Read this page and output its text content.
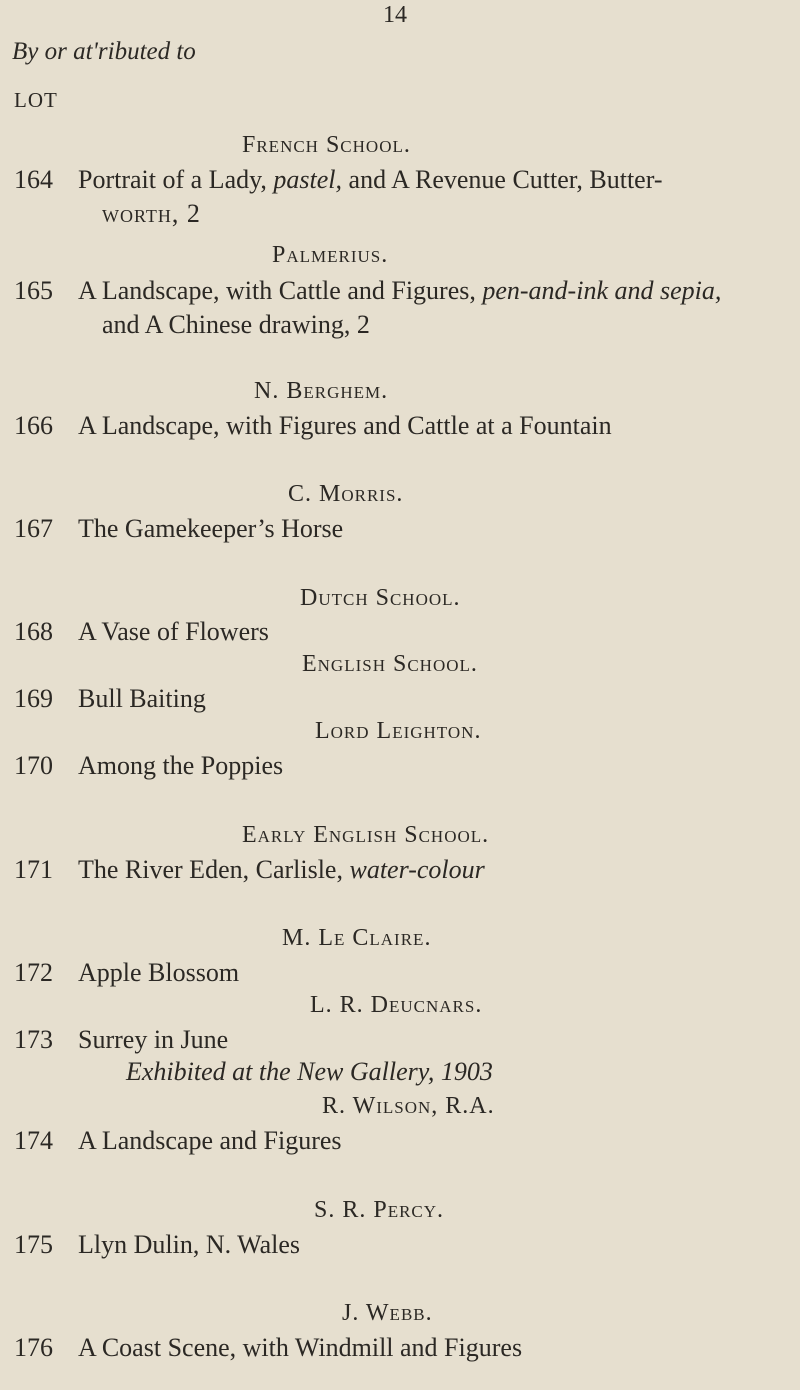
14
By or at'ributed to
LOT
French School.
164 Portrait of a Lady, pastel, and A Revenue Cutter, Butter-
worth, 2
Palmerius.
165 A Landscape, with Cattle and Figures, pen-and-ink and sepia,
and A Chinese drawing, 2
N. Bergheм.
166 A Landscape, with Figures and Cattle at a Fountain
C. Morris.
167 The Gamekeeper’s Horse
Dutch School.
168 A Vase of Flowers
English School.
169 Bull Baiting
Lord Leighton.
170 Among the Poppies
Early English School.
171 The River Eden, Carlisle, water-colour
M. Le Claire.
172 Apple Blossom
L. R. Deucnars.
173 Surrey in June
Exhibited at the New Gallery, 1903
R. Wilson, R.A.
174 A Landscape and Figures
S. R. Percy.
175 Llyn Dulin, N. Wales
J. Webb.
176 A Coast Scene, with Windmill and Figures
